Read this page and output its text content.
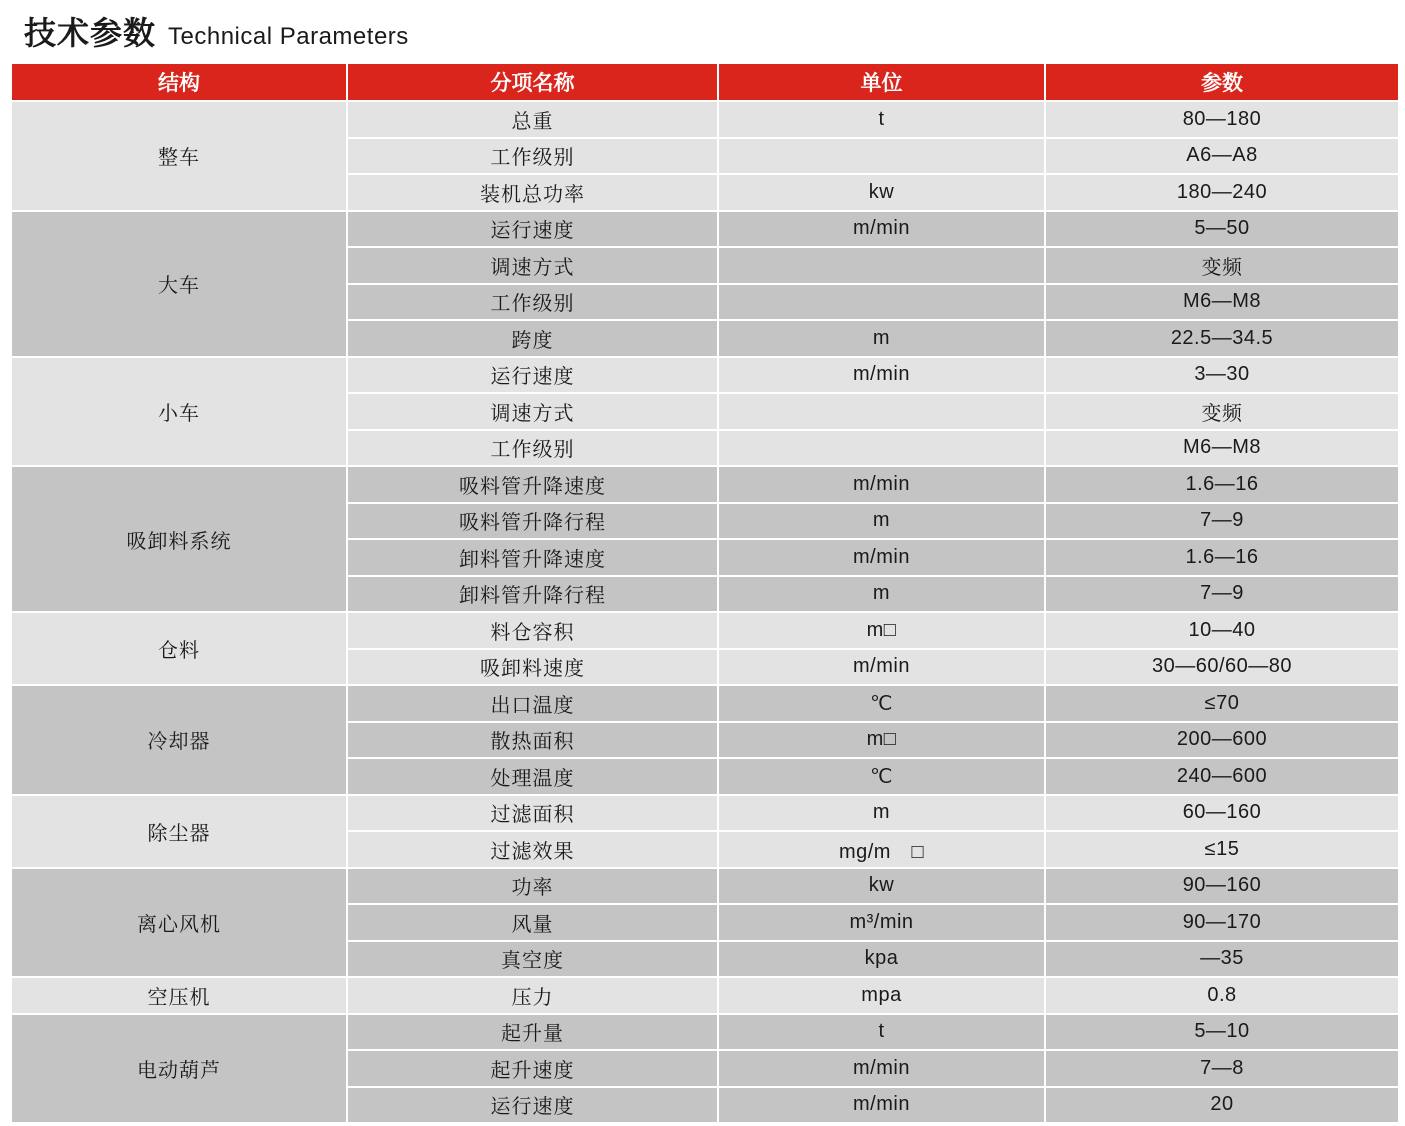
技术参数 Technical Parameters
结构	分项名称	单位	参数
整车	总重	t	80—180
	工作级别		A6—A8
	装机总功率	kw	180—240
大车	运行速度	m/min	5—50
	调速方式		变频
	工作级别		M6—M8
	跨度	m	22.5—34.5
小车	运行速度	m/min	3—30
	调速方式		变频
	工作级别		M6—M8
吸卸料系统	吸料管升降速度	m/min	1.6—16
	吸料管升降行程	m	7—9
	卸料管升降速度	m/min	1.6—16
	卸料管升降行程	m	7—9
仓料	料仓容积	m□	10—40
	吸卸料速度	m/min	30—60/60—80
冷却器	出口温度	℃	≤70
	散热面积	m□	200—600
	处理温度	℃	240—600
除尘器	过滤面积	m	60—160
	过滤效果	mg/m　□	≤15
离心风机	功率	kw	90—160
	风量	m³/min	90—170
	真空度	kpa	—35
空压机	压力	mpa	0.8
电动葫芦	起升量	t	5—10
	起升速度	m/min	7—8
	运行速度	m/min	20
